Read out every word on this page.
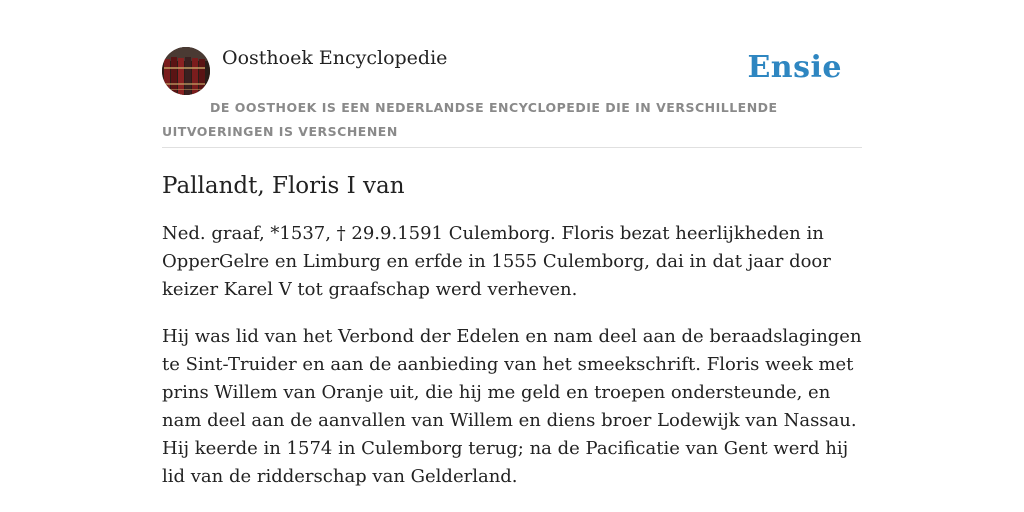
Oosthoek Encyclopedie	Ensie

DE OOSTHOEK IS EEN NEDERLANDSE ENCYCLOPEDIE DIE IN VERSCHILLENDE UITVOERINGEN IS VERSCHENEN

Pallandt, Floris I van

Ned. graaf, *1537, † 29.9.1591 Culemborg. Floris bezat heerlijkheden in OpperGelre en Limburg en erfde in 1555 Culemborg, dai in dat jaar door keizer Karel V tot graafschap werd verheven.

Hij was lid van het Verbond der Edelen en nam deel aan de beraadslagingen te Sint-Truider en aan de aanbieding van het smeekschrift. Floris week met prins Willem van Oranje uit, die hij me geld en troepen ondersteunde, en nam deel aan de aanvallen van Willem en diens broer Lodewijk van Nassau. Hij keerde in 1574 in Culemborg terug; na de Pacificatie van Gent werd hij lid van de ridderschap van Gelderland.
